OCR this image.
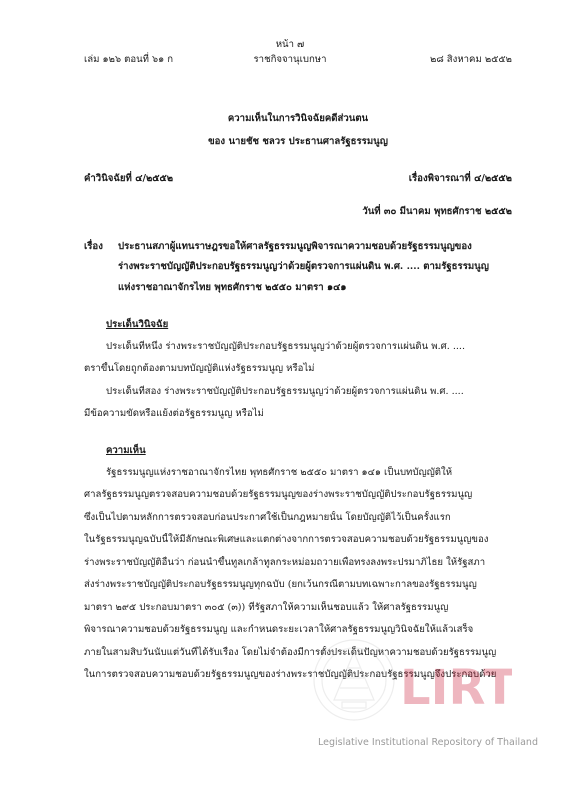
หน้า ๗
เล่ม ๑๒๖ ตอนที่ ๖๑ ก	ราชกิจจานุเบกษา	๒๘ สิงหาคม ๒๕๕๒
ความเห็นในการวินิจฉัยคดีส่วนตน
ของ นายชัช ชลวร ประธานศาลรัฐธรรมนูญ
คำวินิจฉัยที่ ๔/๒๕๕๒	เรื่องพิจารณาที่ ๔/๒๕๕๒
วันที่ ๓๐ มีนาคม พุทธศักราช ๒๕๕๒
เรื่อง ประธานสภาผู้แทนราษฎรขอให้ศาลรัฐธรรมนูญพิจารณาความชอบด้วยรัฐธรรมนูญของ
ร่างพระราชบัญญัติประกอบรัฐธรรมนูญว่าด้วยผู้ตรวจการแผ่นดิน พ.ศ. .... ตามรัฐธรรมนูญ
แห่งราชอาณาจักรไทย พุทธศักราช ๒๕๕๐ มาตรา ๑๔๑
ประเด็นวินิจฉัย
ประเด็นที่หนึ่ง ร่างพระราชบัญญัติประกอบรัฐธรรมนูญว่าด้วยผู้ตรวจการแผ่นดิน พ.ศ. ....
ตราขึ้นโดยถูกต้องตามบทบัญญัติแห่งรัฐธรรมนูญ หรือไม่
ประเด็นที่สอง ร่างพระราชบัญญัติประกอบรัฐธรรมนูญว่าด้วยผู้ตรวจการแผ่นดิน พ.ศ. ....
มีข้อความขัดหรือแย้งต่อรัฐธรรมนูญ หรือไม่
ความเห็น
รัฐธรรมนูญแห่งราชอาณาจักรไทย พุทธศักราช ๒๕๕๐ มาตรา ๑๔๑ เป็นบทบัญญัติให้
ศาลรัฐธรรมนูญตรวจสอบความชอบด้วยรัฐธรรมนูญของร่างพระราชบัญญัติประกอบรัฐธรรมนูญ
ซึ่งเป็นไปตามหลักการตรวจสอบก่อนประกาศใช้เป็นกฎหมายนั้น โดยบัญญัติไว้เป็นครั้งแรก
ในรัฐธรรมนูญฉบับนี้ให้มีลักษณะพิเศษและแตกต่างจากการตรวจสอบความชอบด้วยรัฐธรรมนูญของ
ร่างพระราชบัญญัติอื่นว่า ก่อนนำขึ้นทูลเกล้าทูลกระหม่อมถวายเพื่อทรงลงพระปรมาภิไธย ให้รัฐสภา
ส่งร่างพระราชบัญญัติประกอบรัฐธรรมนูญทุกฉบับ (ยกเว้นกรณีตามบทเฉพาะกาลของรัฐธรรมนูญ
มาตรา ๒๙๕ ประกอบมาตรา ๓๐๕ (๓)) ที่รัฐสภาให้ความเห็นชอบแล้ว ให้ศาลรัฐธรรมนูญ
พิจารณาความชอบด้วยรัฐธรรมนูญ และกำหนดระยะเวลาให้ศาลรัฐธรรมนูญวินิจฉัยให้แล้วเสร็จ
ภายในสามสิบวันนับแต่วันที่ได้รับเรื่อง โดยไม่จำต้องมีการตั้งประเด็นปัญหาความชอบด้วยรัฐธรรมนูญ
ในการตรวจสอบความชอบด้วยรัฐธรรมนูญของร่างพระราชบัญญัติประกอบรัฐธรรมนูญจึงประกอบด้วย
LIRT
Legislative Institutional Repository of Thailand
